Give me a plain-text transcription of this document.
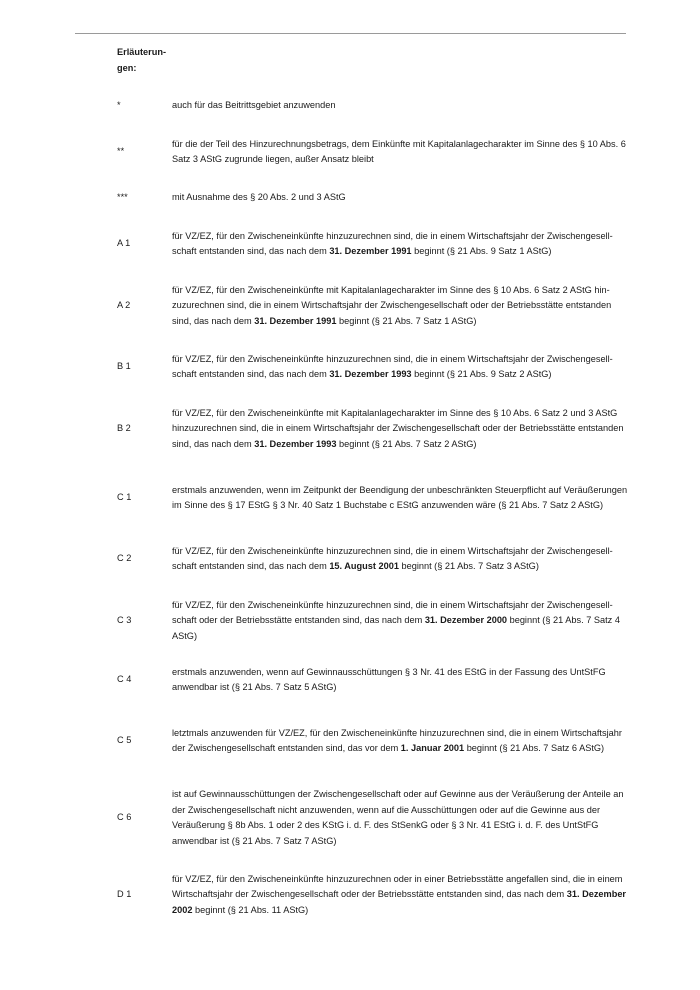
Erläuterun- gen:
*	auch für das Beitrittsgebiet anzuwenden
**
für die der Teil des Hinzurechnungsbetrags, dem Einkünfte mit Kapitalanlagecharakter im Sinne des § 10 Abs. 6 Satz 3 AStG zugrunde liegen, außer Ansatz bleibt
***	mit Ausnahme des § 20 Abs. 2 und 3 AStG
A 1
für VZ/EZ, für den Zwischeneinkünfte hinzuzurechnen sind, die in einem Wirtschaftsjahr der Zwischengesellschaft entstanden sind, das nach dem 31. Dezember 1991 beginnt (§ 21 Abs. 9 Satz 1 AStG)
A 2
für VZ/EZ, für den Zwischeneinkünfte mit Kapitalanlagecharakter im Sinne des § 10 Abs. 6 Satz 2 AStG hinzuzurechnen sind, die in einem Wirtschaftsjahr der Zwischengesellschaft oder der Betriebsstätte entstanden sind, das nach dem 31. Dezember 1991 beginnt (§ 21 Abs. 7 Satz 1 AStG)
B 1
für VZ/EZ, für den Zwischeneinkünfte hinzuzurechnen sind, die in einem Wirtschaftsjahr der Zwischengesellschaft entstanden sind, das nach dem 31. Dezember 1993 beginnt (§ 21 Abs. 9 Satz 2 AStG)
B 2
für VZ/EZ, für den Zwischeneinkünfte mit Kapitalanlagecharakter im Sinne des § 10 Abs. 6 Satz 2 und 3 AStG hinzuzurechnen sind, die in einem Wirtschaftsjahr der Zwischengesellschaft oder der Betriebsstätte entstanden sind, das nach dem 31. Dezember 1993 beginnt (§ 21 Abs. 7 Satz 2 AStG)
C 1
erstmals anzuwenden, wenn im Zeitpunkt der Beendigung der unbeschränkten Steuerpflicht auf Veräußerungen im Sinne des § 17 EStG § 3 Nr. 40 Satz 1 Buchstabe c EStG anzuwenden wäre (§ 21 Abs. 7 Satz 2 AStG)
C 2
für VZ/EZ, für den Zwischeneinkünfte hinzuzurechnen sind, die in einem Wirtschaftsjahr der Zwischengesellschaft entstanden sind, das nach dem 15. August 2001 beginnt (§ 21 Abs. 7 Satz 3 AStG)
C 3
für VZ/EZ, für den Zwischeneinkünfte hinzuzurechnen sind, die in einem Wirtschaftsjahr der Zwischengesellschaft oder der Betriebsstätte entstanden sind, das nach dem 31. Dezember 2000 beginnt (§ 21 Abs. 7 Satz 4 AStG)
C 4
erstmals anzuwenden, wenn auf Gewinnausschüttungen § 3 Nr. 41 des EStG in der Fassung des UntStFG anwendbar ist (§ 21 Abs. 7 Satz 5 AStG)
C 5
letztmals anzuwenden für VZ/EZ, für den Zwischeneinkünfte hinzuzurechnen sind, die in einem Wirtschaftsjahr der Zwischengesellschaft entstanden sind, das vor dem 1. Januar 2001 beginnt (§ 21 Abs. 7 Satz 6 AStG)
C 6
ist auf Gewinnausschüttungen der Zwischengesellschaft oder auf Gewinne aus der Veräußerung der Anteile an der Zwischengesellschaft nicht anzuwenden, wenn auf die Ausschüttungen oder auf die Gewinne aus der Veräußerung § 8b Abs. 1 oder 2 des KStG i. d. F. des StSenkG oder § 3 Nr. 41 EStG i. d. F. des UntStFG anwendbar ist (§ 21 Abs. 7 Satz 7 AStG)
D 1
für VZ/EZ, für den Zwischeneinkünfte hinzuzurechnen oder in einer Betriebsstätte angefallen sind, die in einem Wirtschaftsjahr der Zwischengesellschaft oder der Betriebsstätte entstanden sind, das nach dem 31. Dezember 2002 beginnt (§ 21 Abs. 11 AStG)
